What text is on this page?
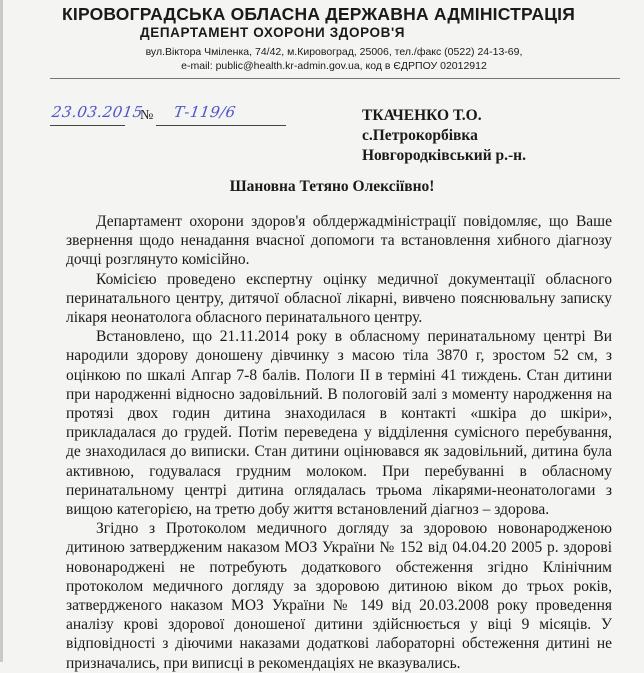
КІРОВОГРАДСЬКА ОБЛАСНА ДЕРЖАВНА АДМІНІСТРАЦІЯ
ДЕПАРТАМЕНТ ОХОРОНИ ЗДОРОВ'Я
вул.Віктора Чміленка, 74/42, м.Кировоград, 25006, тел./факс (0522) 24-13-69,
e-mail: public@health.kr-admin.gov.ua, код в ЄДРПОУ 02012912
23.03.2015
№ Т-119/6	ТКАЧЕНКО Т.О.
с.Петрокорбівка
Новгородківський р.-н.
Шановна Тетяно Олексіївно!

Департамент охорони здоров'я облдержадміністрації повідомляє, що Ваше
звернення щодо ненадання вчасної допомоги та встановлення хибного діагнозу
дочці розглянуто комісійно.

Комісією проведено експертну оцінку медичної документації обласного
перинатального центру, дитячої обласної лікарні, вивчено пояснювальну записку
лікаря неонатолога обласного перинатального центру.

Встановлено, що 21.11.2014 року в обласному перинатальному центрі Ви
народили здорову доношену дівчинку з масою тіла 3870 г, зростом 52 см, з
оцінкою по шкалі Апгар 7-8 балів. Пологи ІІ в терміні 41 тиждень. Стан дитини
при народженні відносно задовільний. В пологовій залі з моменту народження на
протязі двох годин дитина знаходилася в контакті «шкіра до шкіри»,
прикладалася до грудей. Потім переведена у відділення сумісного перебування,
де знаходилася до виписки. Стан дитини оцінювався як задовільний, дитина була
активною, годувалася грудним молоком. При перебуванні в обласному
перинатальному центрі дитина оглядалась трьома лікарями-неонатологами з
вищою категорією, на третю добу життя встановлений діагноз – здорова.

Згідно з Протоколом медичного догляду за здоровою новонародженою
дитиною затвердженим наказом МОЗ України № 152 від 04.04.20 2005 р. здорові
новонароджені не потребують додаткового обстеження згідно Клінічним
протоколом медичного догляду за здоровою дитиною віком до трьох років,
затвердженого наказом МОЗ України № 149 від 20.03.2008 року проведення
аналізу крові здорової доношеної дитини здійснюється у віці 9 місяців. У
відповідності з діючими наказами додаткові лабораторні обстеження дитині не
призначались, при виписці в рекомендаціях не вказувались.
